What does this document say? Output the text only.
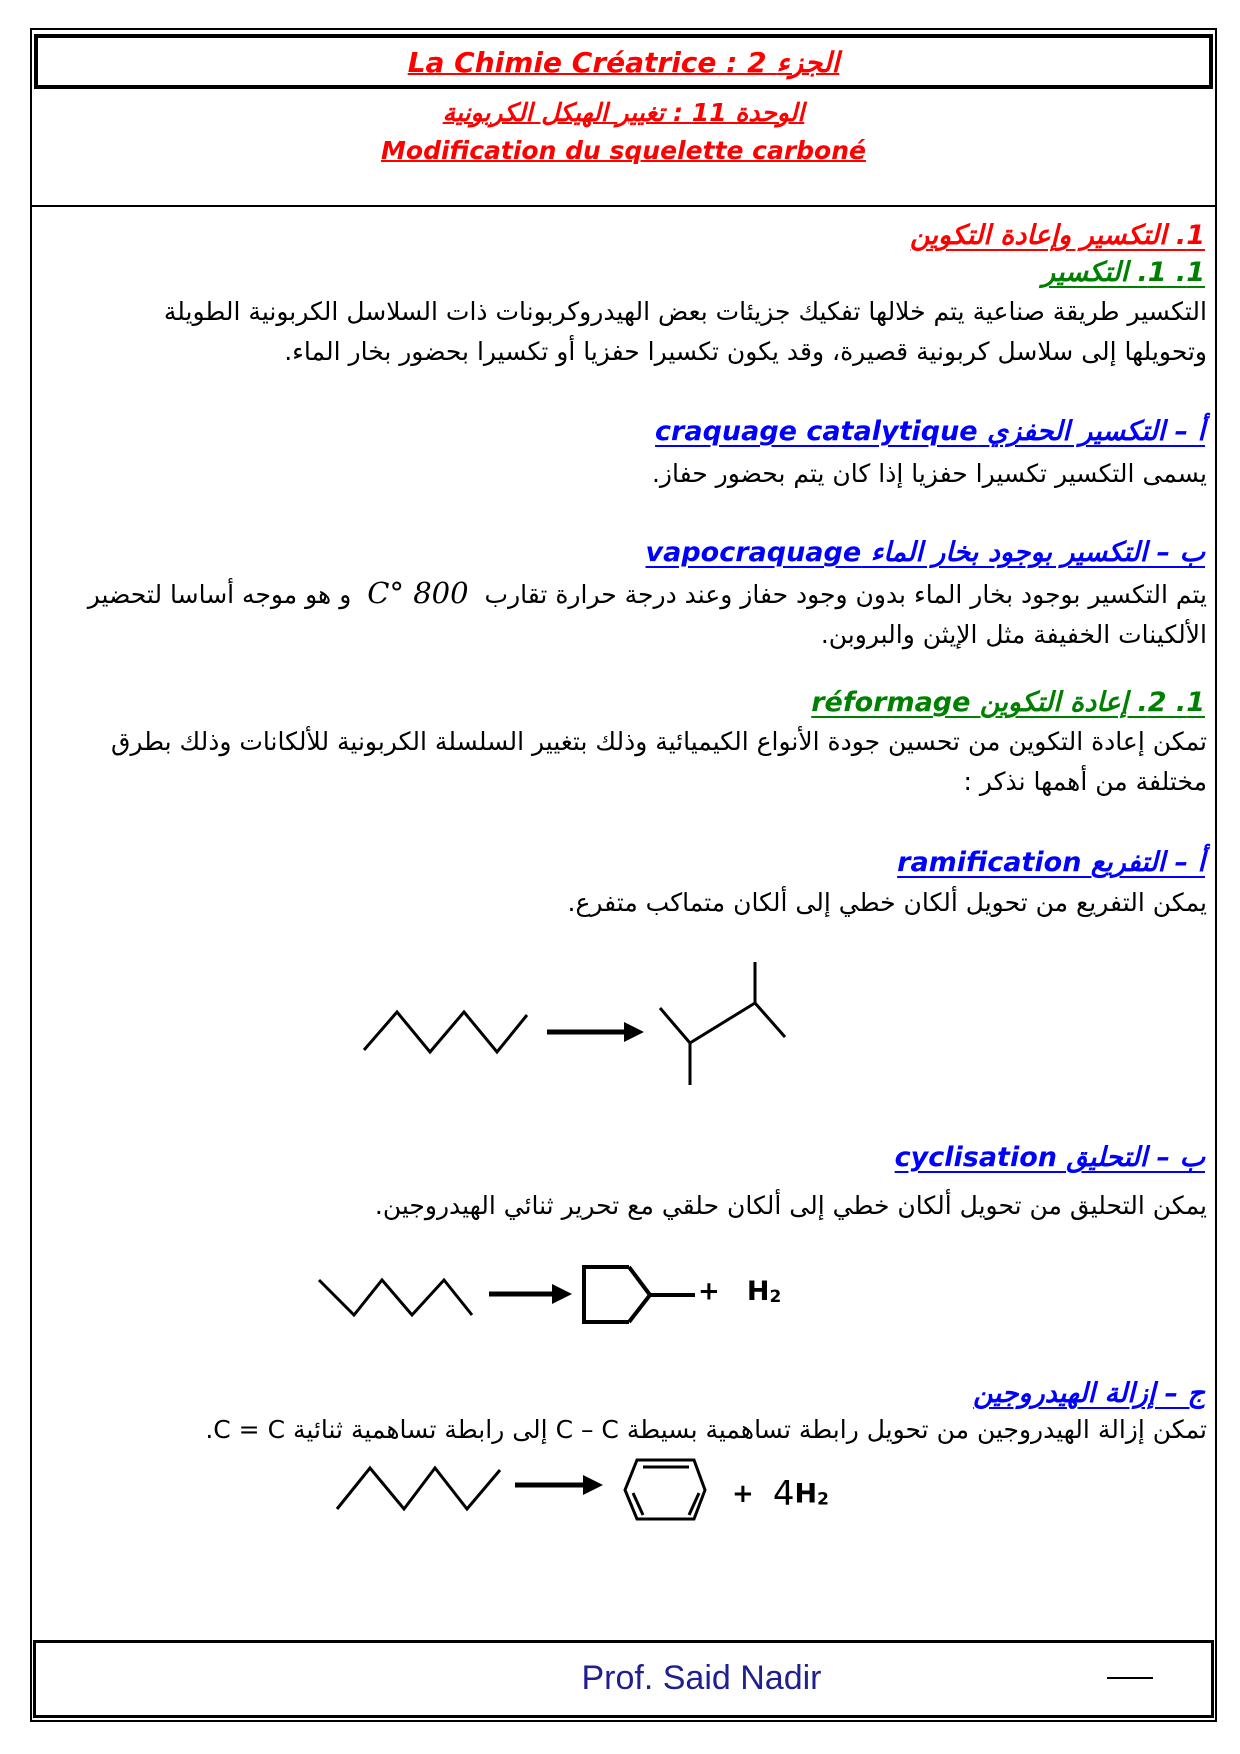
La Chimie Créatrice : 2 الجزء
الوحدة 11 : تغيير الهيكل الكربونية
Modification du squelette carboné
1. التكسير وإعادة التكوين
1. 1. التكسير
التكسير طريقة صناعية يتم خلالها تفكيك جزيئات بعض الهيدروكربونات ذات السلاسل الكربونية الطويلة
وتحويلها إلى سلاسل كربونية قصيرة، وقد يكون تكسيرا حفزيا أو تكسيرا بحضور بخار الماء.
أ – التكسير الحفزي craquage catalytique
يسمى التكسير تكسيرا حفزيا إذا كان يتم بحضور حفاز.
ب – التكسير بوجود بخار الماء vapocraquage
يتم التكسير بوجود بخار الماء بدون وجود حفاز وعند درجة حرارة تقارب800 °Cو هو موجه أساسا لتحضير
الألكينات الخفيفة مثل الإيثن والبروبن.
1. 2. إعادة التكوين réformage
تمكن إعادة التكوين من تحسين جودة الأنواع الكيميائية وذلك بتغيير السلسلة الكربونية للألكانات وذلك بطرق
مختلفة من أهمها نذكر :
أ – التفريع ramification
يمكن التفريع من تحويل ألكان خطي إلى ألكان متماكب متفرع.
ب – التحليق cyclisation
يمكن التحليق من تحويل ألكان خطي إلى ألكان حلقي مع تحرير ثنائي الهيدروجين.
+ H2
ج – إزالة الهيدروجين
تمكن إزالة الهيدروجين من تحويل رابطة تساهمية بسيطة C – C إلى رابطة تساهمية ثنائية C = C.
+ 4H2
Prof. Said Nadir
